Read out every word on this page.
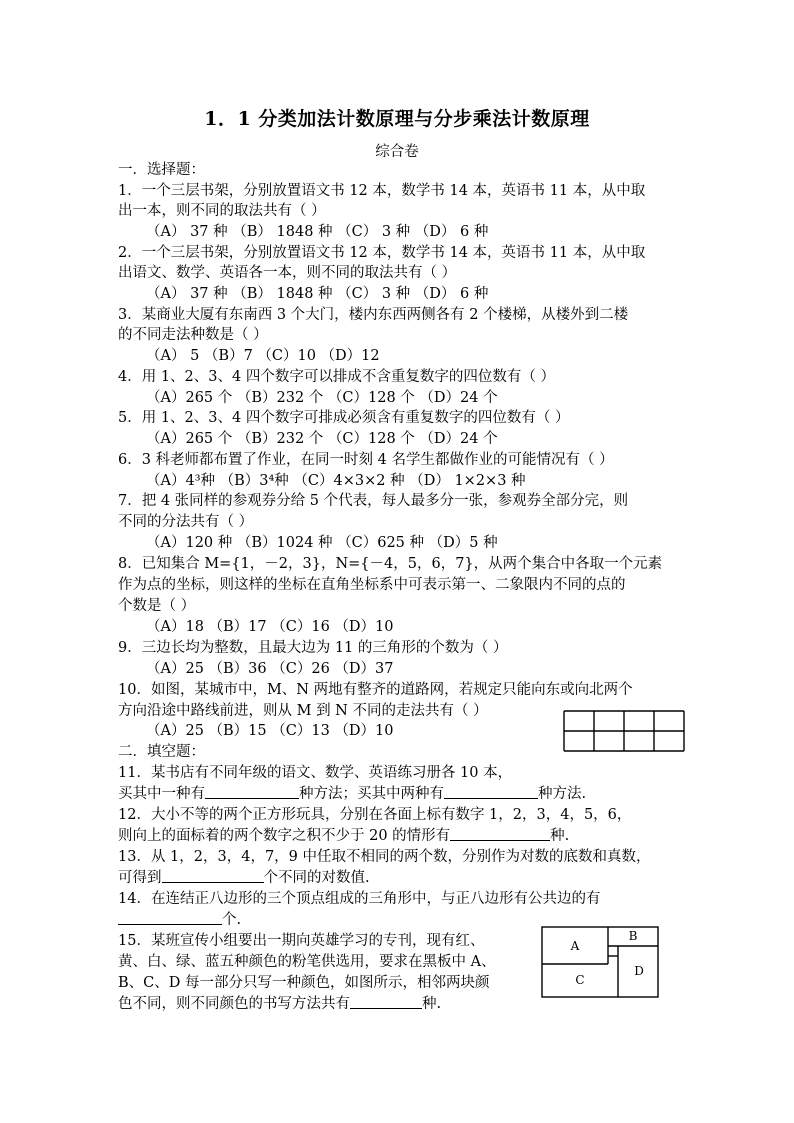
1．1 分类加法计数原理与分步乘法计数原理
综合卷
一．选择题：
1．一个三层书架，分别放置语文书 12 本，数学书 14 本，英语书 11 本，从中取
出一本，则不同的取法共有（ ）
（A） 37 种 （B） 1848 种 （C） 3 种 （D） 6 种
2．一个三层书架，分别放置语文书 12 本，数学书 14 本，英语书 11 本，从中取
出语文、数学、英语各一本，则不同的取法共有（ ）
（A） 37 种 （B） 1848 种 （C） 3 种 （D） 6 种
3．某商业大厦有东南西 3 个大门，楼内东西两侧各有 2 个楼梯，从楼外到二楼
的不同走法种数是（ ）
（A） 5 （B）7 （C）10 （D）12
4．用 1、2、3、4 四个数字可以排成不含重复数字的四位数有（ ）
（A）265 个 （B）232 个 （C）128 个 （D）24 个
5．用 1、2、3、4 四个数字可排成必须含有重复数字的四位数有（ ）
（A）265 个 （B）232 个 （C）128 个 （D）24 个
6．3 科老师都布置了作业，在同一时刻 4 名学生都做作业的可能情况有（ ）
（A）4³种 （B）3⁴种 （C）4×3×2 种 （D） 1×2×3 种
7．把 4 张同样的参观券分给 5 个代表，每人最多分一张，参观券全部分完，则
不同的分法共有（ ）
（A）120 种 （B）1024 种 （C）625 种 （D）5 种
8．已知集合 M={1，－2，3}，N={－4，5，6，7}，从两个集合中各取一个元素
作为点的坐标，则这样的坐标在直角坐标系中可表示第一、二象限内不同的点的
个数是（ ）
（A）18 （B）17 （C）16 （D）10
9．三边长均为整数，且最大边为 11 的三角形的个数为（ ）
（A）25 （B）36 （C）26 （D）37
10．如图，某城市中，M、N 两地有整齐的道路网，若规定只能向东或向北两个
方向沿途中路线前进，则从 M 到 N 不同的走法共有（ ）
（A）25 （B）15 （C）13 （D）10
二．填空题：
11．某书店有不同年级的语文、数学、英语练习册各 10 本，
买其中一种有	种方法；买其中两种有	种方法.
12．大小不等的两个正方形玩具，分别在各面上标有数字 1，2，3，4，5，6，
则向上的面标着的两个数字之积不少于 20 的情形有	种.
13．从 1，2，3，4，7，9 中任取不相同的两个数，分别作为对数的底数和真数，
可得到	个不同的对数值.
14．在连结正八边形的三个顶点组成的三角形中，与正八边形有公共边的有
个.
15．某班宣传小组要出一期向英雄学习的专刊，现有红、
黄、白、绿、蓝五种颜色的粉笔供选用，要求在黑板中 A、
B、C、D 每一部分只写一种颜色，如图所示，相邻两块颜
色不同，则不同颜色的书写方法共有	种.
A
B
C
D
